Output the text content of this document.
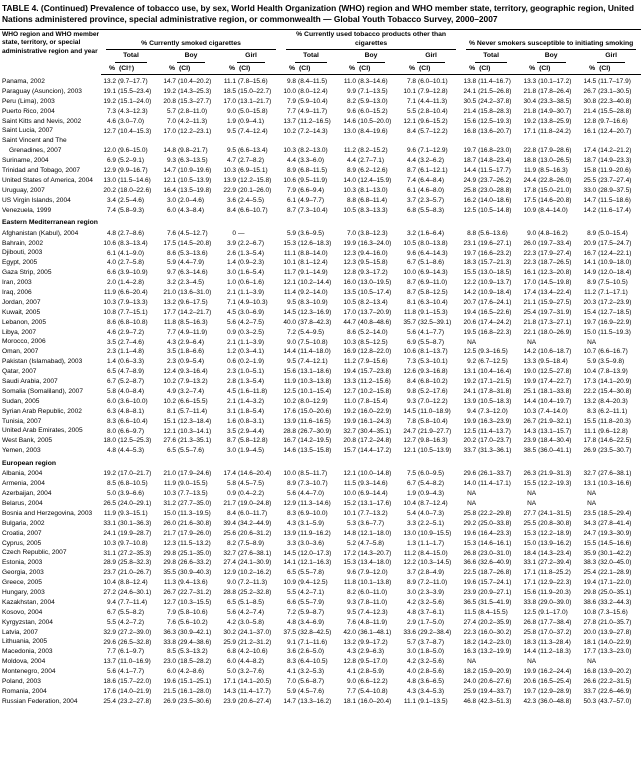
TABLE 4. (Continued) Prevalence of tobacco use, by sex, World Health Organization (WHO) region and WHO member state, territory, geographic region, United Nations administered province, special administrative region, or commonwealth — Global Youth Tobacco Survey, 2000–2007
WHO region and WHO member state, territory, or special administrative region and year	% Currently smoked cigarettes						% Currently used tobacco products other than cigarettes						% Never smokers susceptible to initiating smoking					

	Total		Boy		Girl		Total		Boy		Girl		Total		Boy		Girl	
	%	(CI†)	%	(CI)	%	(CI)	%	(CI)	%	(CI)	%	(CI)	%	(CI)	%	(CI)	%	(CI)
Panama, 2002	13.2	(9.7–17.7)	14.7	(10.4–20.2)	11.1	(7.8–15.6)	9.8	(8.4–11.5)	11.0	(8.3–14.6)	7.8	(6.0–10.1)	13.8	(11.4–16.7)	13.3	(10.1–17.2)	14.5	(11.7–17.9)
Paraguay (Asuncion), 2003	19.1	(15.5–23.4)	19.2	(14.3–25.3)	18.5	(15.0–22.7)	10.0	(8.0–12.4)	9.9	(7.1–13.5)	10.1	(7.9–12.8)	24.1	(21.5–26.8)	21.8	(17.8–26.4)	26.7	(23.1–30.5)
Peru (Lima), 2003	19.2	(15.1–24.0)	20.8	(15.3–27.7)	17.0	(13.1–21.7)	7.9	(5.9–10.4)	8.2	(5.9–13.0)	7.1	(4.4–11.3)	30.5	(24.2–37.8)	30.4	(23.3–38.5)	30.8	(22.3–40.8)
Puerto Rico, 2004	7.3	(4.3–12.3)	5.7	(2.8–11.0)	9.0	(5.0–15.8)	7.7	(4.9–11.7)	9.6	(6.0–15.2)	5.5	(2.8–10.4)	21.4	(15.8–28.3)	21.8	(14.9–30.7)	21.4	(15.5–28.8)
Saint Kitts and Nevis, 2002	4.6	(3.0–7.0)	7.0	(4.2–11.3)	1.9	(0.9–4.1)	13.7	(11.2–16.5)	14.6	(10.5–20.0)	12.1	(9.6–15.2)	15.6	(12.5–19.3)	19.2	(13.8–25.9)	12.8	(9.7–16.6)
Saint Lucia, 2007	12.7	(10.4–15.3)	17.0	(12.2–23.1)	9.5	(7.4–12.4)	10.2	(7.2–14.3)	13.0	(8.4–19.6)	8.4	(5.7–12.2)	16.8	(13.6–20.7)	17.1	(11.8–24.2)	16.1	(12.4–20.7)
Saint Vincent and The Grenadines, 2007	12.0	(9.6–15.0)	14.8	(9.8–21.7)	9.5	(6.6–13.4)	10.3	(8.2–13.0)	11.2	(8.2–15.2)	9.6	(7.1–12.9)	19.7	(16.8–23.0)	22.8	(17.9–28.6)	17.4	(14.2–21.2)
Suriname, 2004	6.9	(5.2–9.1)	9.3	(6.3–13.5)	4.7	(2.7–8.2)	4.4	(3.3–6.0)	4.4	(2.7–7.1)	4.4	(3.2–6.2)	18.7	(14.8–23.4)	18.8	(13.0–26.5)	18.7	(14.9–23.3)
Trinidad and Tobago, 2007	12.9	(9.9–16.7)	14.7	(10.9–19.6)	10.3	(6.9–15.1)	8.9	(6.8–11.5)	8.9	(6.2–12.6)	8.7	(6.1–12.1)	14.4	(11.5–17.7)	11.9	(8.5–16.3)	15.8	(11.9–20.6)
United States of America, 2004	13.0	(11.5–14.6)	12.1	(10.5–13.9)	13.9	(12.2–15.8)	10.6	(9.5–11.9)	14.0	(12.4–15.9)	7.4	(6.4–8.4)	24.9	(23.7–26.2)	24.4	(22.8–26.0)	25.5	(23.7–27.4)
Uruguay, 2007	20.2	(18.0–22.6)	16.4	(13.5–19.8)	22.9	(20.1–26.0)	7.9	(6.6–9.4)	10.3	(8.1–13.0)	6.1	(4.6–8.0)	25.8	(23.0–28.8)	17.8	(15.0–21.0)	33.0	(28.9–37.5)
US Virgin Islands, 2004	3.4	(2.5–4.6)	3.0	(2.0–4.6)	3.6	(2.4–5.5)	6.1	(4.9–7.7)	8.8	(6.8–11.4)	3.7	(2.3–5.7)	16.2	(14.0–18.6)	17.5	(14.6–20.8)	14.7	(11.5–18.6)
Venezuela, 1999	7.4	(5.8–9.3)	6.0	(4.3–8.4)	8.4	(6.6–10.7)	8.7	(7.3–10.4)	10.5	(8.3–13.3)	6.8	(5.5–8.3)	12.5	(10.5–14.8)	10.9	(8.4–14.0)	14.2	(11.6–17.4)
Eastern Mediterranean region																		
Afghanistan (Kabul), 2004	4.8	(2.7–8.6)	7.6	(4.5–12.7)	0	—	5.9	(3.6–9.5)	7.0	(3.8–12.3)	3.2	(1.6–6.4)	8.8	(5.6–13.6)	9.0	(4.8–16.2)	8.9	(5.0–15.4)
Bahrain, 2002	10.6	(8.3–13.4)	17.5	(14.5–20.8)	3.9	(2.2–6.7)	15.3	(12.6–18.3)	19.9	(16.3–24.0)	10.5	(8.0–13.8)	23.1	(19.6–27.1)	26.0	(19.7–33.4)	20.9	(17.5–24.7)
Djibouti, 2003	6.1	(4.1–9.0)	8.6	(5.3–13.6)	2.6	(1.3–5.4)	11.1	(8.8–14.0)	12.3	(9.4–16.0)	9.6	(6.4–14.3)	19.7	(16.6–23.2)	22.3	(17.9–27.4)	16.7	(12.4–22.1)
Egypt, 2005	4.0	(2.7–5.8)	5.9	(4.4–7.9)	1.4	(0.9–2.3)	10.1	(8.1–12.4)	12.3	(9.5–15.8)	6.7	(5.1–8.6)	18.3	(15.7–21.3)	22.3	(18.7–26.5)	14.1	(10.9–18.0)
Gaza Strip, 2005	6.6	(3.9–10.9)	9.7	(6.3–14.6)	3.0	(1.6–5.4)	11.7	(9.1–14.9)	12.8	(9.3–17.2)	10.0	(6.9–14.3)	15.5	(13.0–18.5)	16.1	(12.3–20.8)	14.9	(12.0–18.4)
Iran, 2003	2.0	(1.4–2.8)	3.2	(2.3–4.5)	1.0	(0.6–1.6)	12.1	(10.2–14.4)	16.0	(13.0–19.5)	8.7	(6.9–11.0)	12.2	(10.9–13.7)	17.0	(14.5–19.8)	8.9	(7.5–10.5)
Iraq, 2006	11.9	(6.6–20.4)	21.0	(13.6–31.0)	2.1	(1.1–3.9)	11.4	(9.2–14.0)	13.5	(10.5–17.4)	8.7	(5.8–12.5)	14.2	(10.9–18.4)	17.4	(13.4–22.4)	11.2	(7.1–17.1)
Jordan, 2007	10.3	(7.9–13.3)	13.2	(9.6–17.5)	7.1	(4.9–10.3)	9.5	(8.3–10.9)	10.5	(8.2–13.4)	8.1	(6.3–10.4)	20.7	(17.6–24.1)	21.1	(15.9–27.5)	20.3	(17.2–23.9)
Kuwait, 2005	10.8	(7.7–15.1)	17.7	(14.2–21.7)	4.5	(3.0–6.9)	14.5	(12.3–16.9)	17.0	(13.7–20.9)	11.8	(9.1–15.3)	19.4	(16.5–22.6)	25.4	(19.7–31.9)	15.4	(12.7–18.5)
Lebanon, 2005	8.6	(6.8–10.8)	11.8	(8.5–16.3)	5.6	(4.2–7.5)	40.0	(37.8–42.3)	44.7	(40.8–48.6)	35.7	(32.5–39.1)	20.6	(17.4–24.2)	21.8	(17.3–27.1)	19.7	(16.9–22.9)
Libya, 2007	4.6	(2.9–7.2)	7.7	(4.9–11.9)	0.9	(0.3–2.5)	7.2	(5.4–9.5)	8.6	(5.2–14.0)	5.6	(4.1–7.7)	19.5	(16.8–22.3)	22.1	(18.0–26.9)	15.0	(11.5–19.3)
Morocco, 2006	3.5	(2.7–4.6)	4.3	(2.9–6.4)	2.1	(1.1–3.9)	9.0	(7.5–10.8)	10.3	(8.5–12.5)	6.9	(5.5–8.7)	NA		NA		NA	
Oman, 2007	2.3	(1.1–4.8)	3.5	(1.8–6.6)	1.2	(0.3–4.1)	14.4	(11.4–18.0)	16.9	(12.8–22.0)	10.6	(8.1–13.7)	12.5	(9.3–16.5)	14.2	(10.6–18.7)	10.7	(6.6–16.7)
Pakistan (Islamabad), 2003	1.4	(0.6–3.3)	2.3	(0.9–5.4)	0.6	(0.2–1.9)	9.5	(7.4–12.1)	11.2	(7.9–15.6)	7.3	(5.3–10.1)	9.2	(6.7–12.5)	13.3	(9.5–18.4)	5.9	(3.5–9.8)
Qatar, 2007	6.5	(4.7–8.9)	12.4	(9.3–16.4)	2.3	(1.0–5.1)	15.6	(13.1–18.6)	19.4	(15.7–23.8)	12.6	(9.3–16.8)	13.1	(10.4–16.4)	19.0	(12.5–27.8)	10.4	(7.8–13.9)
Saudi Arabia, 2007	6.7	(5.2–8.7)	10.2	(7.9–13.2)	2.8	(1.3–5.4)	11.9	(10.3–13.8)	13.3	(11.2–15.6)	8.4	(6.8–10.2)	19.2	(17.1–21.5)	19.9	(17.4–22.7)	17.3	(14.1–20.9)
Somalia (Somaliland), 2007	5.8	(4.0–8.4)	4.9	(3.2–7.4)	4.5	(1.6–11.8)	12.5	(10.1–15.4)	12.7	(10.2–15.8)	9.8	(5.2–17.6)	24.1	(17.8–31.8)	25.1	(18.1–33.8)	22.2	(15.4–30.8)
Sudan, 2005	6.0	(3.6–10.0)	10.2	(6.6–15.5)	2.1	(1.4–3.2)	10.2	(8.0–12.9)	11.0	(7.8–15.4)	9.3	(7.0–12.2)	13.9	(10.5–18.3)	14.4	(10.4–19.7)	13.2	(8.4–20.3)
Syrian Arab Republic, 2002	6.3	(4.8–8.1)	8.1	(5.7–11.4)	3.1	(1.8–5.4)	17.6	(15.0–20.6)	19.2	(16.0–22.9)	14.5	(11.0–18.9)	9.4	(7.3–12.0)	10.3	(7.4–14.0)	8.3	(6.2–11.1)
Tunisia, 2007	8.3	(6.6–10.4)	15.1	(12.3–18.4)	1.6	(0.8–3.1)	13.9	(11.6–16.5)	19.9	(16.1–24.3)	7.8	(5.8–10.4)	19.9	(16.3–23.9)	26.7	(21.9–32.1)	15.5	(11.8–20.3)
United Arab Emirates, 2005	8.0	(6.6–9.7)	12.1	(10.3–14.1)	3.5	(2.9–4.4)	28.8	(26.7–30.9)	32.7	(30.4–35.1)	24.7	(21.9–27.7)	12.5	(11.4–13.7)	14.3	(13.1–15.7)	11.1	(9.6–12.8)
West Bank, 2005	18.0	(12.5–25.3)	27.6	(21.3–35.1)	8.7	(5.8–12.8)	16.7	(14.2–19.5)	20.8	(17.2–24.8)	12.7	(9.8–16.3)	20.2	(17.0–23.7)	23.9	(18.4–30.4)	17.8	(14.6–22.5)
Yemen, 2003	4.8	(4.4–5.3)	6.5	(5.5–7.6)	3.0	(1.9–4.5)	14.6	(13.5–15.8)	15.7	(14.4–17.2)	12.1	(10.5–13.9)	33.7	(31.3–36.1)	38.5	(36.0–41.1)	26.9	(23.5–30.7)
European region																		
Albania, 2004	19.2	(17.0–21.7)	21.0	(17.9–24.6)	17.4	(14.6–20.4)	10.0	(8.5–11.7)	12.1	(10.0–14.8)	7.5	(6.0–9.5)	29.6	(26.1–33.7)	26.3	(21.9–31.3)	32.7	(27.6–38.1)
Armenia, 2004	8.5	(6.8–10.5)	11.9	(9.0–15.5)	5.8	(4.5–7.5)	8.9	(7.3–10.7)	11.5	(9.3–14.6)	6.7	(5.4–8.2)	14.0	(11.4–17.1)	15.5	(12.2–19.3)	13.1	(10.3–16.6)
Azerbaijan, 2004	5.0	(3.9–6.6)	10.3	(7.7–13.5)	0.9	(0.4–2.2)	5.6	(4.4–7.0)	10.0	(6.9–14.4)	1.9	(0.9–4.3)	NA		NA		NA	
Belarus, 2004	26.5	(24.0–29.1)	31.2	(27.7–35.0)	21.7	(19.0–24.8)	12.9	(11.3–14.6)	15.2	(13.1–17.6)	10.4	(8.7–12.4)	NA		NA		NA	
Bosnia and Herzegovina, 2003	11.9	(9.3–15.1)	15.0	(11.3–19.5)	8.4	(6.0–11.7)	8.3	(6.9–10.0)	10.1	(7.7–13.2)	5.4	(4.0–7.3)	25.8	(22.2–29.8)	27.7	(24.1–31.5)	23.5	(18.5–29.4)
Bulgaria, 2002	33.1	(30.1–36.3)	26.0	(21.6–30.8)	39.4	(34.2–44.9)	4.3	(3.1–5.9)	5.3	(3.6–7.7)	3.3	(2.2–5.1)	29.2	(25.0–33.8)	25.5	(20.8–30.8)	34.3	(27.8–41.4)
Croatia, 2007	24.1	(19.9–28.7)	21.7	(17.9–26.0)	25.6	(20.6–31.2)	13.9	(11.9–16.2)	14.8	(12.1–18.0)	13.0	(10.9–15.5)	19.6	(16.4–23.3)	15.3	(12.2–18.9)	24.7	(19.3–30.9)
Cyprus, 2005	10.3	(9.7–10.8)	12.3	(11.5–13.2)	8.2	(7.5–8.9)	3.3	(3.0–3.6)	5.2	(4.7–5.8)	1.3	(1.1–1.7)	15.3	(14.6–16.1)	15.0	(13.9–16.2)	15.5	(14.5–16.6)
Czech Republic, 2007	31.1	(27.2–35.3)	29.8	(25.1–35.0)	32.7	(27.6–38.1)	14.5	(12.0–17.3)	17.2	(14.3–20.7)	11.2	(8.4–15.0)	26.8	(23.0–31.0)	18.4	(14.3–23.4)	35.9	(30.1–42.2)
Estonia, 2003	28.9	(25.8–32.3)	29.8	(26.6–33.2)	27.4	(24.1–30.9)	14.1	(12.1–16.3)	15.3	(13.4–18.0)	12.2	(10.3–14.5)	36.6	(32.6–40.9)	33.1	(27.2–39.4)	38.3	(32.0–45.0)
Georgia, 2003	23.7	(21.0–26.7)	35.5	(30.9–40.3)	12.9	(10.2–16.2)	6.5	(5.5–7.8)	9.6	(7.9–12.0)	3.7	(2.8–4.9)	22.5	(18.7–26.8)	17.1	(11.8–25.2)	25.4	(22.1–28.9)
Greece, 2005	10.4	(8.8–12.4)	11.3	(9.4–13.6)	9.0	(7.2–11.3)	10.9	(9.4–12.5)	11.8	(10.1–13.8)	8.9	(7.2–11.0)	19.6	(15.7–24.1)	17.1	(12.9–22.3)	19.4	(17.1–22.0)
Hungary, 2003	27.2	(24.6–30.1)	26.7	(22.7–31.2)	28.8	(25.2–32.8)	5.5	(4.2–7.1)	8.2	(6.0–11.0)	3.0	(2.3–3.9)	23.9	(20.9–27.1)	15.6	(11.9–20.3)	29.8	(25.0–35.1)
Kazakhstan, 2004	9.4	(7.7–11.4)	12.7	(10.3–15.5)	6.5	(5.1–8.5)	6.6	(5.5–7.9)	9.3	(7.8–11.0)	4.2	(3.2–5.6)	36.5	(31.5–41.9)	33.8	(29.0–39.0)	38.6	(33.2–44.3)
Kosovo, 2004	6.7	(5.5–8.2)	7.9	(5.8–10.6)	5.6	(4.2–7.4)	7.2	(5.9–8.7)	9.5	(7.4–12.3)	4.8	(3.7–6.1)	11.5	(8.4–15.5)	12.5	(9.1–17.0)	10.8	(7.3–15.6)
Kyrgyzstan, 2004	5.5	(4.2–7.2)	7.6	(5.6–10.2)	4.2	(3.0–5.8)	4.8	(3.4–6.9)	7.6	(4.8–11.9)	2.9	(1.7–5.0)	27.4	(20.2–35.9)	26.8	(17.7–38.4)	27.8	(21.0–35.7)
Latvia, 2007	32.9	(27.2–39.0)	36.3	(30.9–42.1)	30.2	(24.1–37.0)	37.5	(32.8–42.5)	42.0	(36.1–48.1)	33.6	(29.2–38.4)	22.3	(16.0–30.2)	25.8	(17.0–37.2)	20.0	(13.9–27.8)
Lithuania, 2005	29.6	(26.5–32.8)	33.8	(29.4–38.6)	25.9	(21.2–31.2)	9.1	(7.1–11.6)	13.2	(9.9–17.2)	5.7	(3.7–8.7)	18.2	(14.2–23.0)	18.3	(11.3–28.4)	18.1	(14.0–22.9)
Macedonia, 2003	7.7	(6.1–9.7)	8.5	(5.3–13.2)	6.8	(4.2–10.6)	3.6	(2.6–5.0)	4.3	(2.9–6.3)	3.0	(1.8–5.0)	16.3	(13.2–19.9)	14.4	(11.2–18.3)	17.7	(13.3–23.0)
Moldova, 2004	13.7	(11.0–16.9)	23.0	(18.5–28.2)	6.0	(4.4–8.2)	8.3	(6.4–10.5)	12.8	(9.5–17.0)	4.2	(3.2–5.6)	NA		NA		NA	
Montenegro, 2004	5.6	(4.1–7.7)	6.0	(4.2–8.6)	5.0	(3.2–7.6)	4.1	(3.2–5.3)	4.1	(2.8–5.9)	4.0	(2.8–5.6)	18.2	(15.9–20.9)	19.9	(16.2–24.4)	16.8	(13.9–20.2)
Poland, 2003	18.6	(15.7–22.0)	19.6	(15.1–25.1)	17.1	(14.1–20.5)	7.0	(5.6–8.7)	9.0	(6.6–12.2)	4.8	(3.6–6.5)	24.0	(20.6–27.6)	20.6	(16.5–25.4)	26.6	(22.2–31.5)
Romania, 2004	17.6	(14.0–21.9)	21.5	(16.1–28.0)	14.3	(11.4–17.7)	5.9	(4.5–7.6)	7.7	(5.4–10.8)	4.3	(3.4–5.3)	25.9	(19.4–33.7)	19.7	(12.9–28.9)	33.7	(22.6–46.9)
Russian Federation, 2004	25.4	(23.2–27.8)	26.9	(23.5–30.6)	23.9	(20.6–27.4)	14.7	(13.3–16.2)	18.1	(16.0–20.4)	11.1	(9.1–13.5)	46.8	(42.3–51.3)	42.3	(36.0–48.8)	50.3	(43.7–57.0)
